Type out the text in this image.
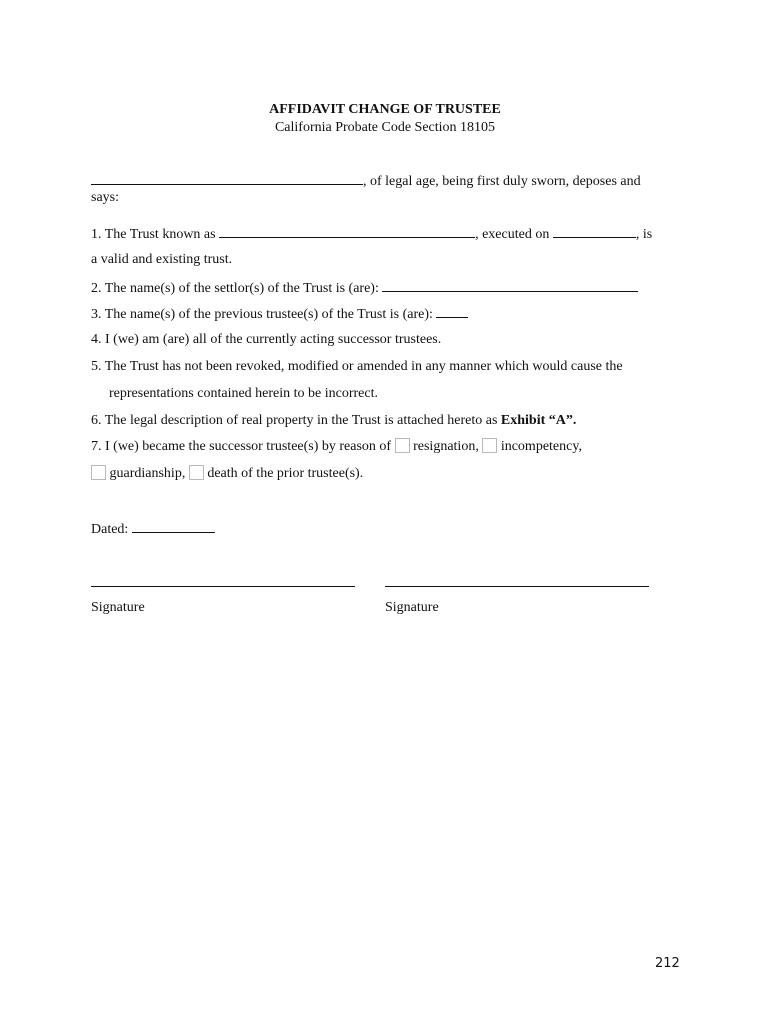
AFFIDAVIT CHANGE OF TRUSTEE
California Probate Code Section 18105
, of legal age, being first duly sworn, deposes and
says:
1. The Trust known as	, executed on	, is
a valid and existing trust.
2. The name(s) of the settlor(s) of the Trust is (are):
3. The name(s) of the previous trustee(s) of the Trust is (are):
4. I (we) am (are) all of the currently acting successor trustees.
5. The Trust has not been revoked, modified or amended in any manner which would cause the
representations contained herein to be incorrect.
6. The legal description of real property in the Trust is attached hereto as Exhibit “A”.
7. I (we) became the successor trustee(s) by reason of resignation, incompetency,
guardianship, death of the prior trustee(s).
Dated:
Signature	Signature
212
